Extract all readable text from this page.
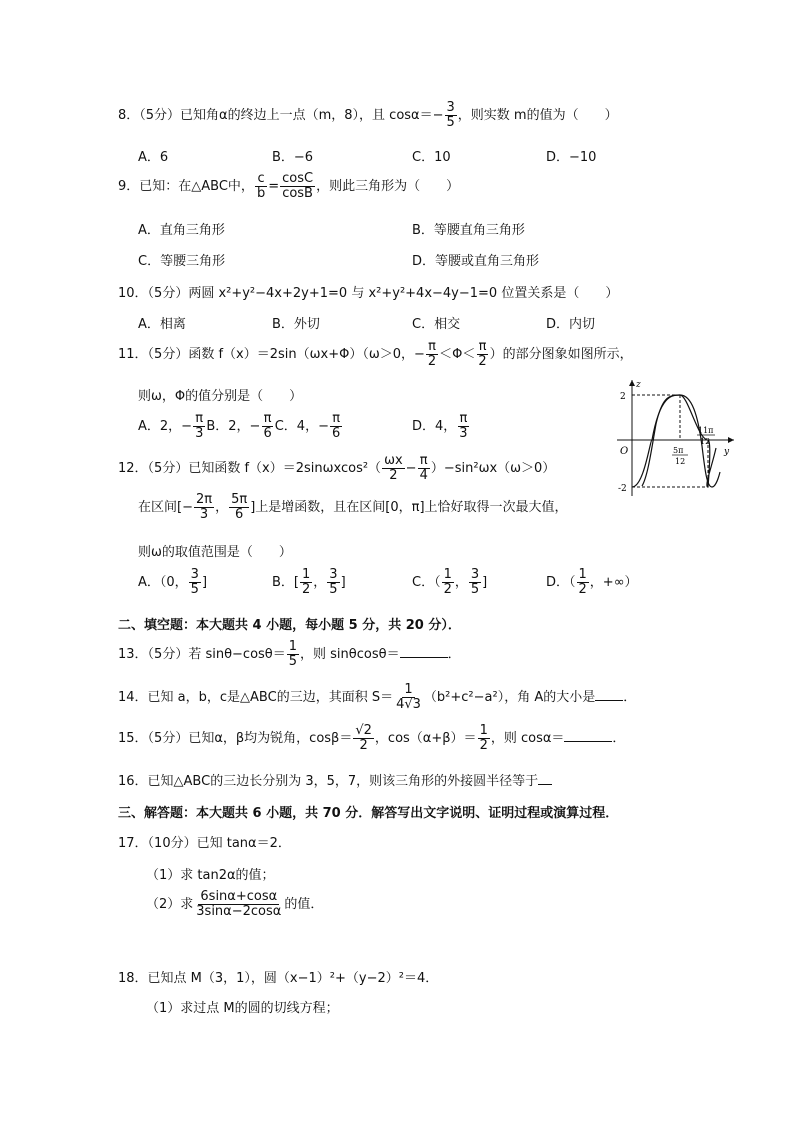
8．（5分）已知角α的终边上一点（m，8），且 $\cos\alpha=- \frac{3}{5}$ ，则实数 m的值为（　　）
A．6	B．−6	C．10	D．−10
9．已知：在△ABC中， $\frac{c}{b} = \frac{\cos C}{\cos B}$ ，则此三角形为（　　）
A．直角三角形	B．等腰直角三角形
C．等腰三角形	D．等腰或直角三角形
10．（5分）两圆 x²+y²−4x+2y+1=0 与 x²+y²+4x−4y−1=0 位置关系是（　　）
A．相离	B．外切	C．相交	D．内切
11．（5分）函数 f（x）＝2sin（ωx+Φ）（ω＞0，− $\frac{\pi}{2} <\Phi< \frac{\pi}{2}$ ）的部分图象如图所示，
则ω，Φ的值分别是（　　）
A．2，− $\frac{\pi}{3}$ B．2，− $\frac{\pi}{6}$ C．4，− $\frac{\pi}{6}$	D．4， $\frac{\pi}{3}$
z
y
O
2
-2
5π
12
11π
12
12．（5分）已知函数 $f(x)=2\sin\omega xcos^2( \frac{\omega x}{2} - \frac{\pi}{4} )-\sin^2\omega x(\omega>0)$
在区间[− $\frac{2\pi}{3}$ ， $\frac{5\pi}{6}$ ]上是增函数，且在区间[0，π]上恰好取得一次最大值，
则ω的取值范围是（　　）
A．（0， $\frac{3}{5}$ ]	B．[ $\frac{1}{2}$ ， $\frac{3}{5}$ ]	C．（ $\frac{1}{2}$ ， $\frac{3}{5}$ ]	D．（ $\frac{1}{2}$ ，+∞）
二、填空题：本大题共 4 小题，每小题 5 分，共 20 分）．
13．（5分）若 $\sin\theta-\cos\theta= \frac{1}{5}$ ，则 sinθcosθ＝	．
14．已知 a，b，c是△ABC的三边，其面积 $S= \frac{1}{4√3} (b^2+c^2-a^2)$，角 A的大小是 ．
15．（5分）已知α，β均为锐角，$\cos\beta= \frac{√2}{2}$ ，$\cos(\alpha+\beta)= \frac{1}{2}$ ，则 cosα＝	．
16．已知△ABC的三边长分别为 3，5，7，则该三角形的外接圆半径等于
三、解答题：本大题共 6 小题，共 70 分．解答写出文字说明、证明过程或演算过程．
17．（10分）已知 tanα＝2．
（1）求 tan2α的值；
（2）求 $\frac{6\sin\alpha+\cos\alpha}{3\sin\alpha-2\cos\alpha}$ 的值．
18．已知点 M（3，1），圆（x−1）²+（y−2）²＝4．
（1）求过点 M的圆的切线方程；
